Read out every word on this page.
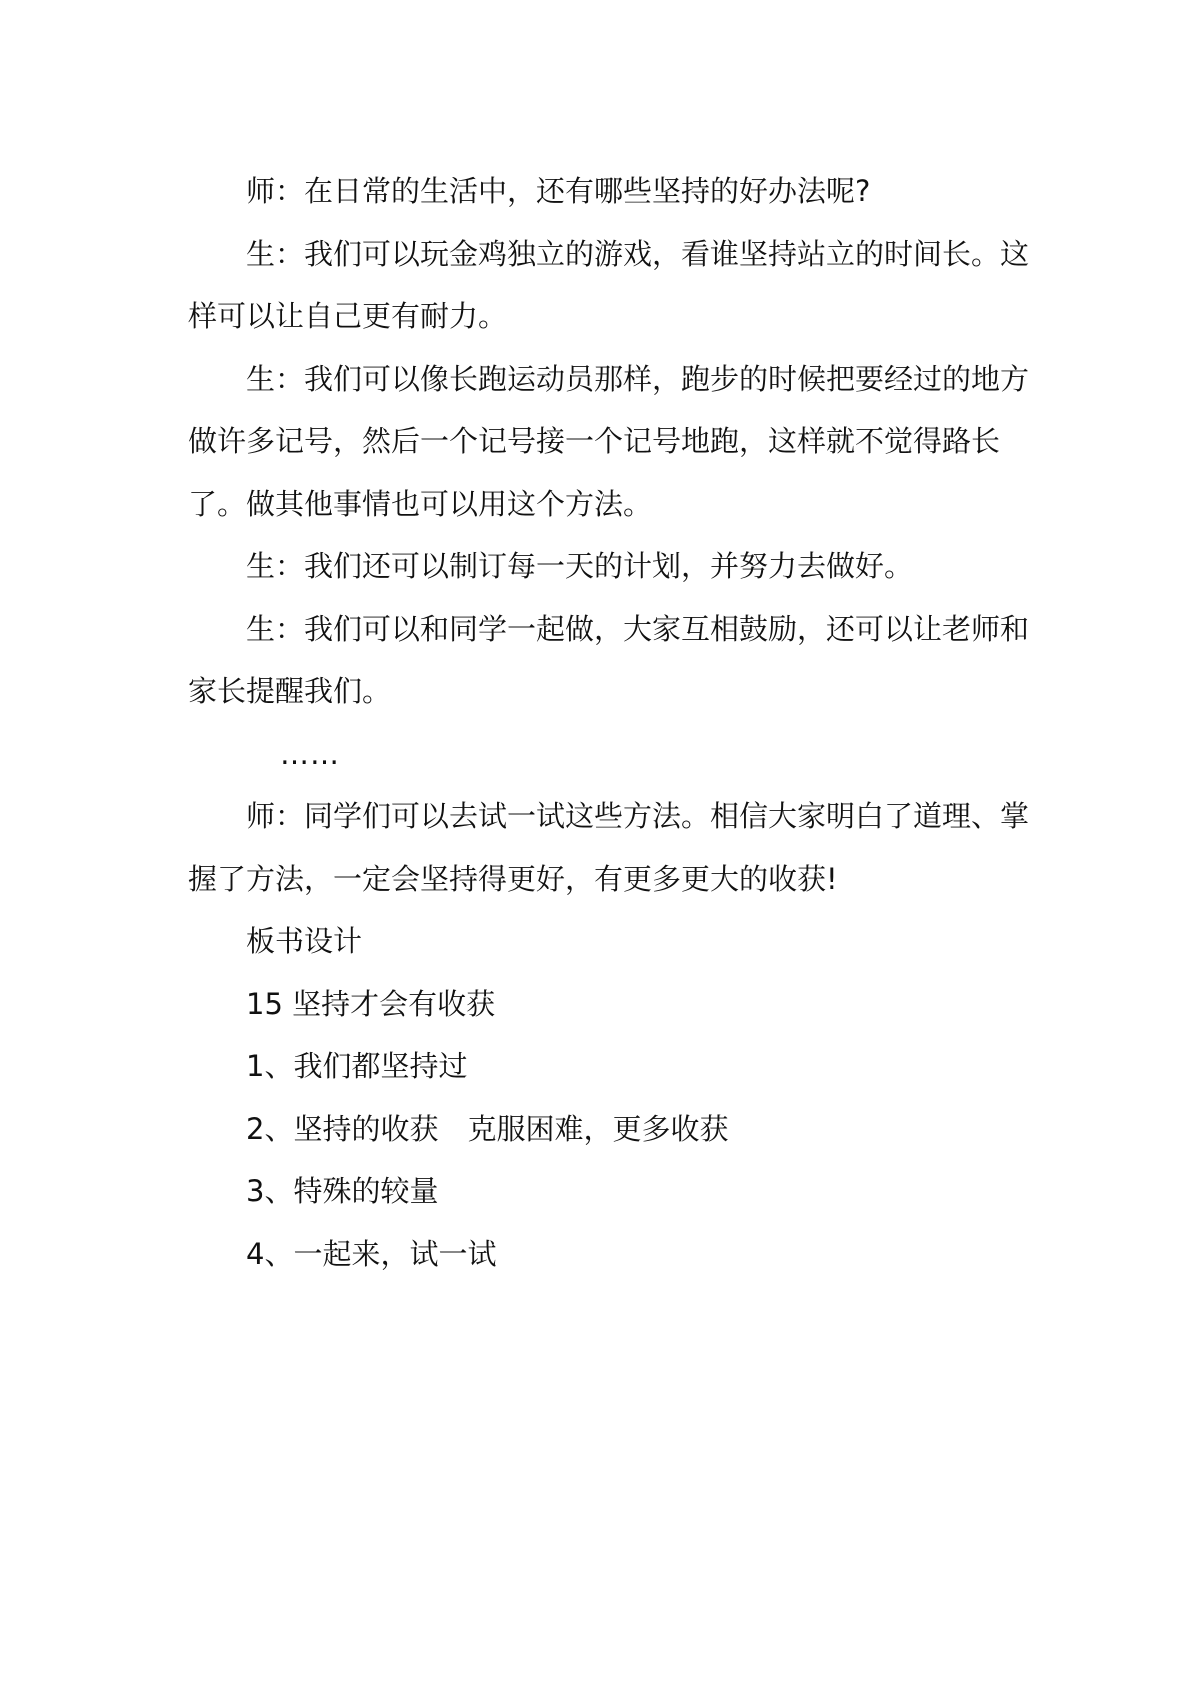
师：在日常的生活中，还有哪些坚持的好办法呢?

生：我们可以玩金鸡独立的游戏，看谁坚持站立的时间长。这样可以让自己更有耐力。

生：我们可以像长跑运动员那样，跑步的时候把要经过的地方做许多记号，然后一个记号接一个记号地跑，这样就不觉得路长了。做其他事情也可以用这个方法。

生：我们还可以制订每一天的计划，并努力去做好。

生：我们可以和同学一起做，大家互相鼓励，还可以让老师和家长提醒我们。

……

师：同学们可以去试一试这些方法。相信大家明白了道理、掌握了方法，一定会坚持得更好，有更多更大的收获!

板书设计

15 坚持才会有收获

1、我们都坚持过

2、坚持的收获　克服困难，更多收获

3、特殊的较量

4、一起来，试一试
